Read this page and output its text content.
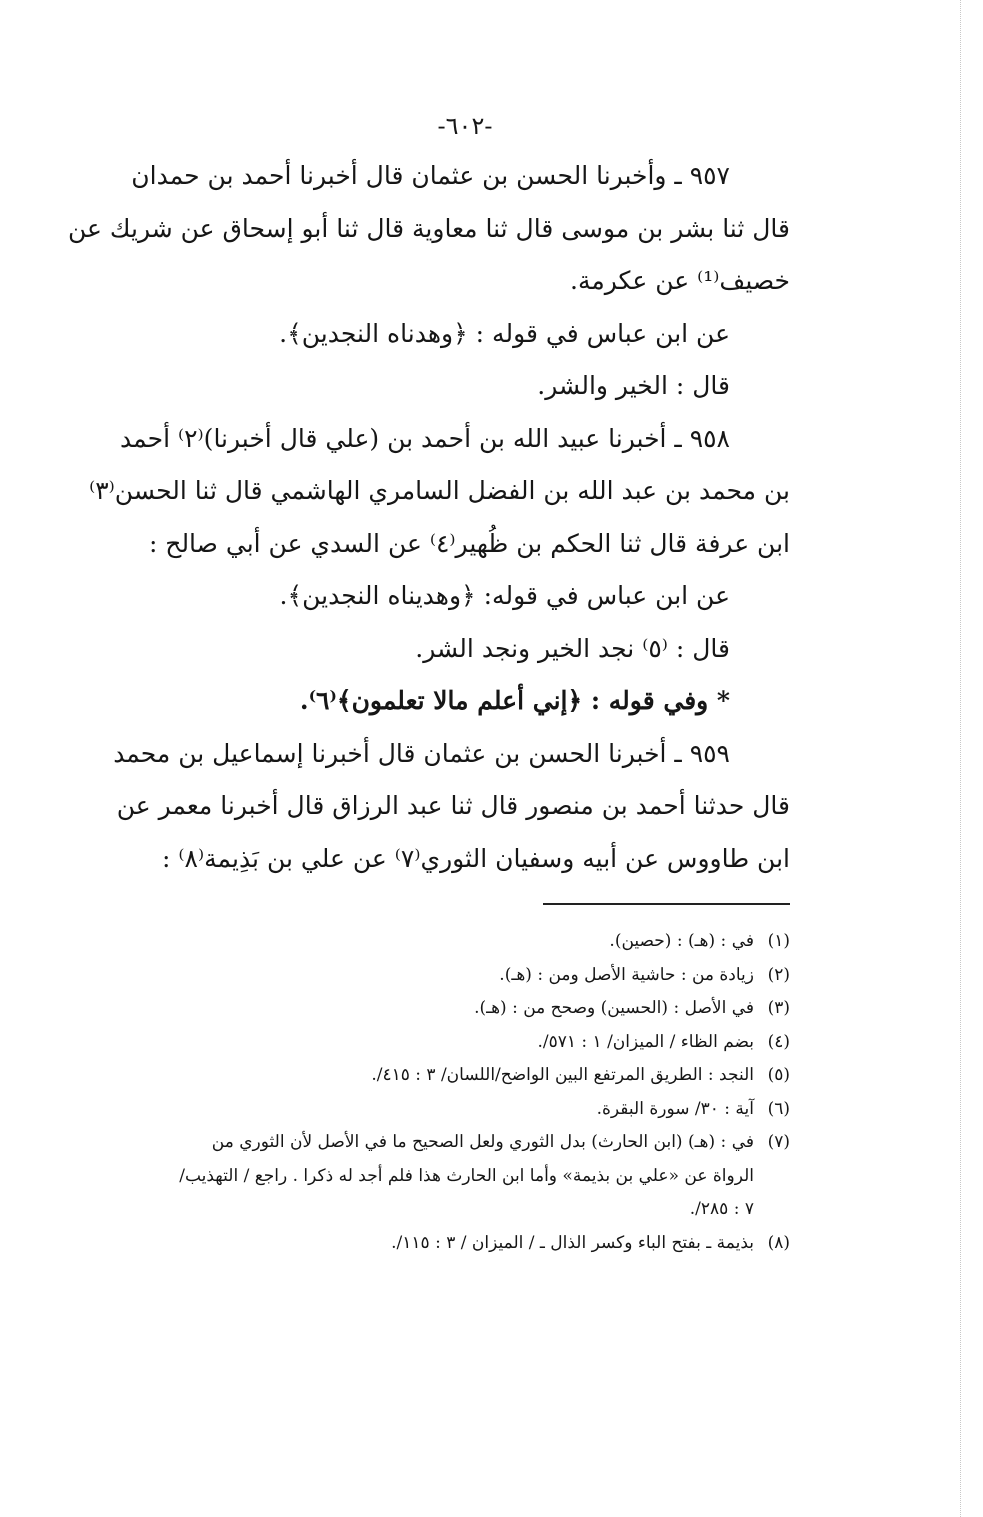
-٦٠٢-
٩٥٧ ـ وأخبرنا الحسن بن عثمان قال أخبرنا أحمد بن حمدان
قال ثنا بشر بن موسى قال ثنا معاوية قال ثنا أبو إسحاق عن شريك عن
خصيف⁽¹⁾ عن عكرمة.
عن ابن عباس في قوله : ﴿وهدناه النجدين﴾.
قال : الخير والشر.
٩٥٨ ـ أخبرنا عبيد الله بن أحمد بن (علي قال أخبرنا)⁽٢⁾ أحمد
بن محمد بن عبد الله بن الفضل السامري الهاشمي قال ثنا الحسن⁽٣⁾
ابن عرفة قال ثنا الحكم بن ظُهير⁽٤⁾ عن السدي عن أبي صالح :
عن ابن عباس في قوله: ﴿وهديناه النجدين﴾.
قال : ⁽٥⁾ نجد الخير ونجد الشر.
* وفي قوله : ﴿إني أعلم مالا تعلمون﴾⁽٦⁾.
٩٥٩ ـ أخبرنا الحسن بن عثمان قال أخبرنا إسماعيل بن محمد
قال حدثنا أحمد بن منصور قال ثنا عبد الرزاق قال أخبرنا معمر عن
ابن طاووس عن أبيه وسفيان الثوري⁽٧⁾ عن علي بن بَذِيمة⁽٨⁾ :
(١)
في : (هـ) : (حصين).
(٢)
زيادة من : حاشية الأصل ومن : (هـ).
(٣)
في الأصل : (الحسين) وصحح من : (هـ).
(٤)
بضم الظاء / الميزان/ ١ : ٥٧١/.
(٥)
النجد : الطريق المرتفع البين الواضح/اللسان/ ٣ : ٤١٥/.
(٦)
آية : ٣٠/ سورة البقرة.
(٧)
في : (هـ) (ابن الحارث) بدل الثوري ولعل الصحيح ما في الأصل لأن الثوري من
الرواة عن «علي بن بذيمة» وأما ابن الحارث هذا فلم أجد له ذكرا . راجع / التهذيب/
٧ : ٢٨٥/.
(٨)
بذيمة ـ بفتح الباء وكسر الذال ـ / الميزان / ٣ : ١١٥/.
